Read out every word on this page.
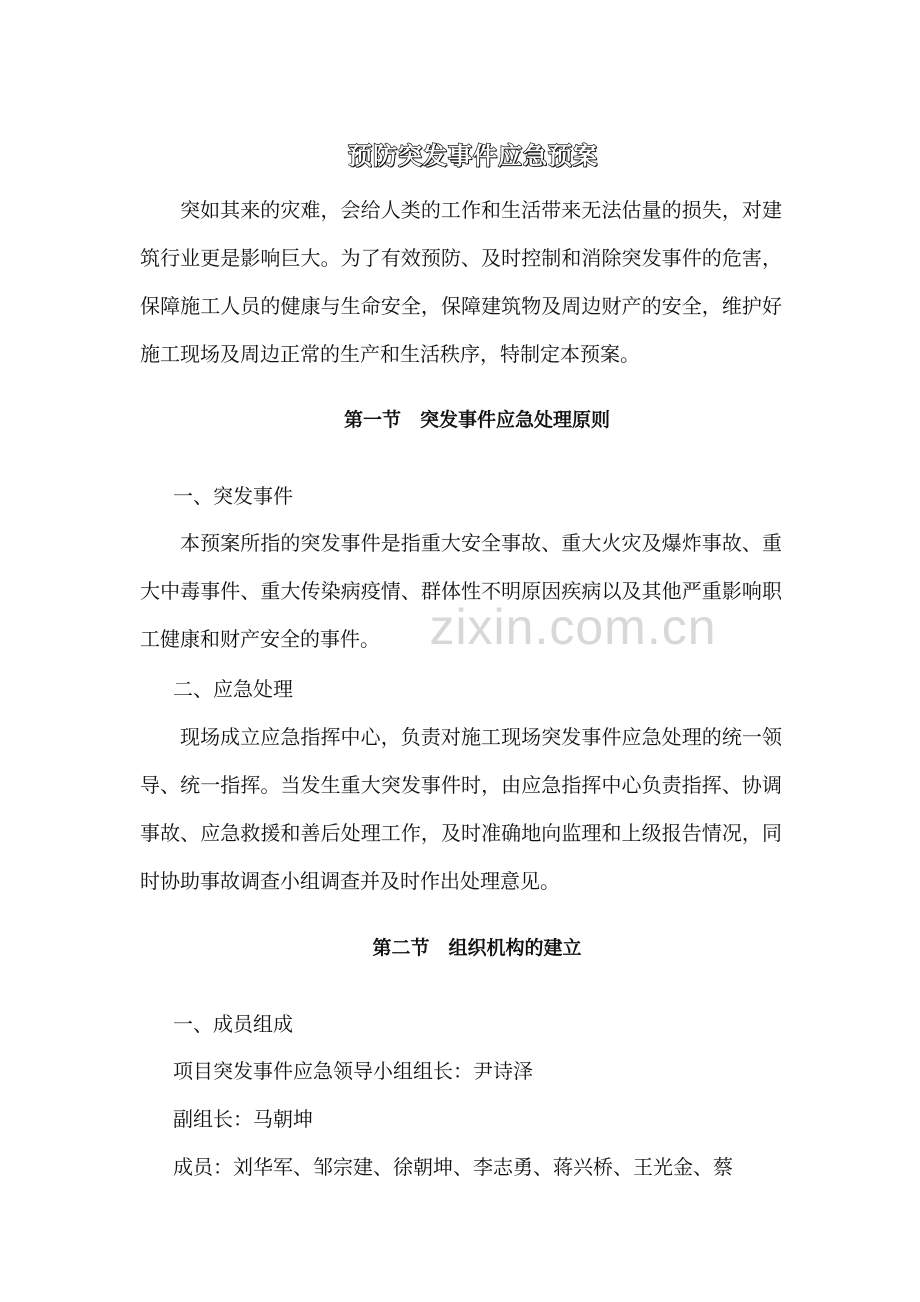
zixin.com.cn
预防突发事件应急预案

突如其来的灾难，会给人类的工作和生活带来无法估量的损失，对建筑行业更是影响巨大。为了有效预防、及时控制和消除突发事件的危害，保障施工人员的健康与生命安全，保障建筑物及周边财产的安全，维护好施工现场及周边正常的生产和生活秩序，特制定本预案。

第一节　突发事件应急处理原则
一、突发事件

本预案所指的突发事件是指重大安全事故、重大火灾及爆炸事故、重大中毒事件、重大传染病疫情、群体性不明原因疾病以及其他严重影响职工健康和财产安全的事件。

二、应急处理

现场成立应急指挥中心，负责对施工现场突发事件应急处理的统一领导、统一指挥。当发生重大突发事件时，由应急指挥中心负责指挥、协调事故、应急救援和善后处理工作，及时准确地向监理和上级报告情况，同时协助事故调查小组调查并及时作出处理意见。

第二节　组织机构的建立
一、成员组成
项目突发事件应急领导小组组长：尹诗泽
副组长：马朝坤
成员：刘华军、邹宗建、徐朝坤、李志勇、蒋兴桥、王光金、蔡
